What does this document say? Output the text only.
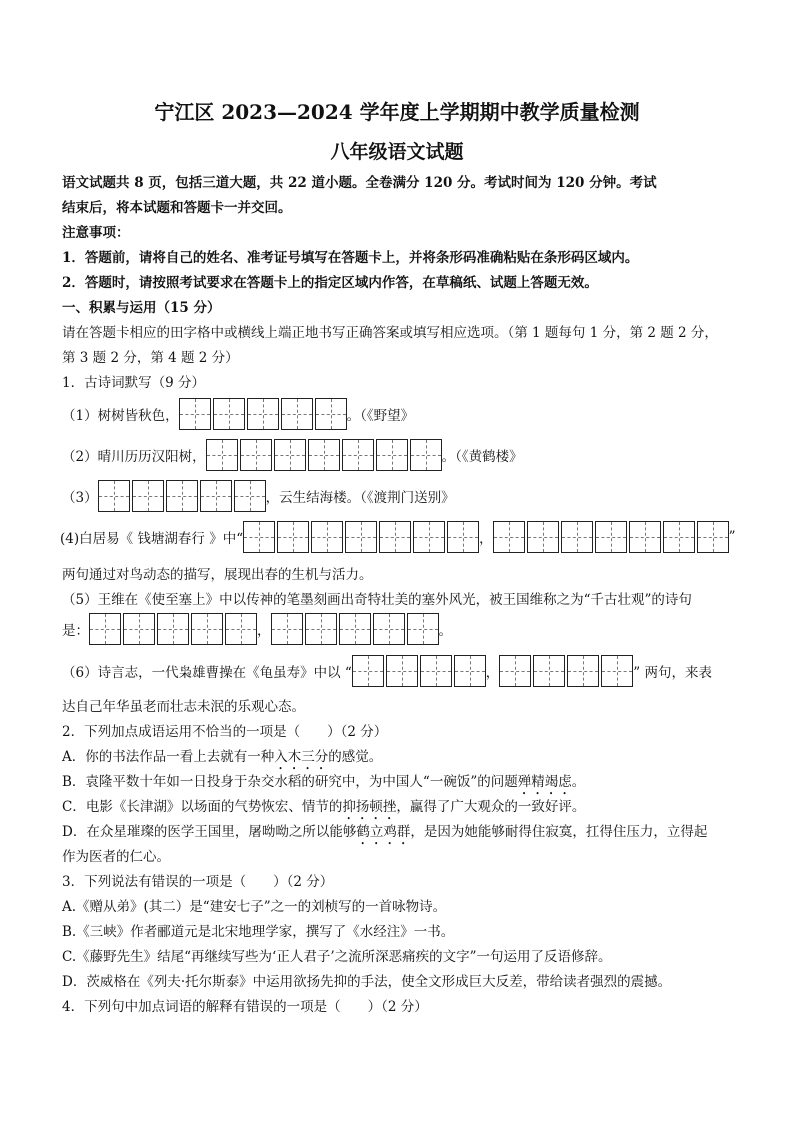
宁江区 2023—2024 学年度上学期期中教学质量检测
八年级语文试题
语文试题共 8 页，包括三道大题，共 22 道小题。全卷满分 120 分。考试时间为 120 分钟。考试
结束后，将本试题和答题卡一并交回。
注意事项：
1．答题前，请将自己的姓名、准考证号填写在答题卡上，并将条形码准确粘贴在条形码区域内。
2．答题时，请按照考试要求在答题卡上的指定区域内作答，在草稿纸、试题上答题无效。
一、积累与运用（15 分）
请在答题卡相应的田字格中或横线上端正地书写正确答案或填写相应选项。（第 1 题每句 1 分，第 2 题 2 分，
第 3 题 2 分，第 4 题 2 分）
1．古诗词默写（9 分）
（1）树树皆秋色，	。（《野望》
（2）晴川历历汉阳树，	。（《黄鹤楼》
（3）	，云生结海楼。（《渡荆门送别》
(4)白居易《 钱塘湖春行 》中“	，	”
两句通过对鸟动态的描写，展现出春的生机与活力。
（5）王维在《使至塞上》中以传神的笔墨刻画出奇特壮美的塞外风光，被王国维称之为“千古壮观”的诗句
是：	，	。
（6）诗言志，一代枭雄曹操在《龟虽寿》中以 “	，	” 两句，来表
达自己年华虽老而壮志未泯的乐观心态。
2．下列加点成语运用不恰当的一项是（　　）（2 分）
A．你的书法作品一看上去就有一种入木三分的感觉。
B．袁隆平数十年如一日投身于杂交水稻的研究中，为中国人“一碗饭”的问题殚精竭虑。
C．电影《长津湖》以场面的气势恢宏、情节的抑扬顿挫，赢得了广大观众的一致好评。
D．在众星璀璨的医学王国里，屠呦呦之所以能够鹤立鸡群，是因为她能够耐得住寂寞，扛得住压力，立得起
作为医者的仁心。
3．下列说法有错误的一项是（　　）（2 分）
A.《赠从弟》(其二）是“建安七子”之一的刘桢写的一首咏物诗。
B.《三峡》作者郦道元是北宋地理学家，撰写了《水经注》一书。
C.《藤野先生》结尾“再继续写些为‘正人君子’之流所深恶痛疾的文字”一句运用了反语修辞。
D．茨威格在《列夫·托尔斯泰》中运用欲扬先抑的手法，使全文形成巨大反差，带给读者强烈的震撼。
4．下列句中加点词语的解释有错误的一项是（　　）（2 分）
